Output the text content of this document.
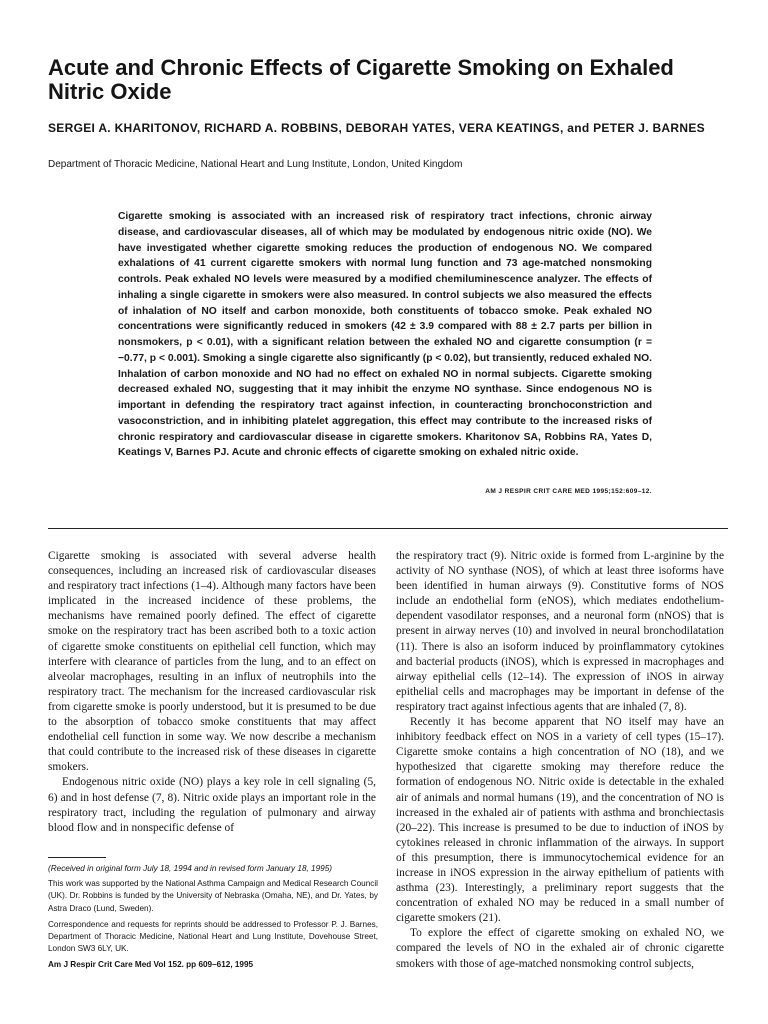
Acute and Chronic Effects of Cigarette Smoking on Exhaled Nitric Oxide

SERGEI A. KHARITONOV, RICHARD A. ROBBINS, DEBORAH YATES, VERA KEATINGS, and PETER J. BARNES

Department of Thoracic Medicine, National Heart and Lung Institute, London, United Kingdom

Cigarette smoking is associated with an increased risk of respiratory tract infections, chronic airway disease, and cardiovascular diseases, all of which may be modulated by endogenous nitric oxide (NO). We have investigated whether cigarette smoking reduces the production of endogenous NO. We compared exhalations of 41 current cigarette smokers with normal lung function and 73 age-matched nonsmoking controls. Peak exhaled NO levels were measured by a modified chemiluminescence analyzer. The effects of inhaling a single cigarette in smokers were also measured. In control subjects we also measured the effects of inhalation of NO itself and carbon monoxide, both constituents of tobacco smoke. Peak exhaled NO concentrations were significantly reduced in smokers (42 ± 3.9 compared with 88 ± 2.7 parts per billion in nonsmokers, p < 0.01), with a significant relation between the exhaled NO and cigarette consumption (r = −0.77, p < 0.001). Smoking a single cigarette also significantly (p < 0.02), but transiently, reduced exhaled NO. Inhalation of carbon monoxide and NO had no effect on exhaled NO in normal subjects. Cigarette smoking decreased exhaled NO, suggesting that it may inhibit the enzyme NO synthase. Since endogenous NO is important in defending the respiratory tract against infection, in counteracting bronchoconstriction and vasoconstriction, and in inhibiting platelet aggregation, this effect may contribute to the increased risks of chronic respiratory and cardiovascular disease in cigarette smokers. Kharitonov SA, Robbins RA, Yates D, Keatings V, Barnes PJ. Acute and chronic effects of cigarette smoking on exhaled nitric oxide.

AM J RESPIR CRIT CARE MED 1995;152:609–12.

Cigarette smoking is associated with several adverse health consequences, including an increased risk of cardiovascular diseases and respiratory tract infections (1–4). Although many factors have been implicated in the increased incidence of these problems, the mechanisms have remained poorly defined. The effect of cigarette smoke on the respiratory tract has been ascribed both to a toxic action of cigarette smoke constituents on epithelial cell function, which may interfere with clearance of particles from the lung, and to an effect on alveolar macrophages, resulting in an influx of neutrophils into the respiratory tract. The mechanism for the increased cardiovascular risk from cigarette smoke is poorly understood, but it is presumed to be due to the absorption of tobacco smoke constituents that may affect endothelial cell function in some way. We now describe a mechanism that could contribute to the increased risk of these diseases in cigarette smokers.

Endogenous nitric oxide (NO) plays a key role in cell signaling (5, 6) and in host defense (7, 8). Nitric oxide plays an important role in the respiratory tract, including the regulation of pulmonary and airway blood flow and in nonspecific defense of

the respiratory tract (9). Nitric oxide is formed from L-arginine by the activity of NO synthase (NOS), of which at least three isoforms have been identified in human airways (9). Constitutive forms of NOS include an endothelial form (eNOS), which mediates endothelium-dependent vasodilator responses, and a neuronal form (nNOS) that is present in airway nerves (10) and involved in neural bronchodilatation (11). There is also an isoform induced by proinflammatory cytokines and bacterial products (iNOS), which is expressed in macrophages and airway epithelial cells (12–14). The expression of iNOS in airway epithelial cells and macrophages may be important in defense of the respiratory tract against infectious agents that are inhaled (7, 8).

Recently it has become apparent that NO itself may have an inhibitory feedback effect on NOS in a variety of cell types (15–17). Cigarette smoke contains a high concentration of NO (18), and we hypothesized that cigarette smoking may therefore reduce the formation of endogenous NO. Nitric oxide is detectable in the exhaled air of animals and normal humans (19), and the concentration of NO is increased in the exhaled air of patients with asthma and bronchiectasis (20–22). This increase is presumed to be due to induction of iNOS by cytokines released in chronic inflammation of the airways. In support of this presumption, there is immunocytochemical evidence for an increase in iNOS expression in the airway epithelium of patients with asthma (23). Interestingly, a preliminary report suggests that the concentration of exhaled NO may be reduced in a small number of cigarette smokers (21).

To explore the effect of cigarette smoking on exhaled NO, we compared the levels of NO in the exhaled air of chronic cigarette smokers with those of age-matched nonsmoking control subjects,

(Received in original form July 18, 1994 and in revised form January 18, 1995)

This work was supported by the National Asthma Campaign and Medical Research Council (UK). Dr. Robbins is funded by the University of Nebraska (Omaha, NE), and Dr. Yates, by Astra Draco (Lund, Sweden).

Correspondence and requests for reprints should be addressed to Professor P. J. Barnes, Department of Thoracic Medicine, National Heart and Lung Institute, Dovehouse Street, London SW3 6LY, UK.

Am J Respir Crit Care Med Vol 152. pp 609–612, 1995
